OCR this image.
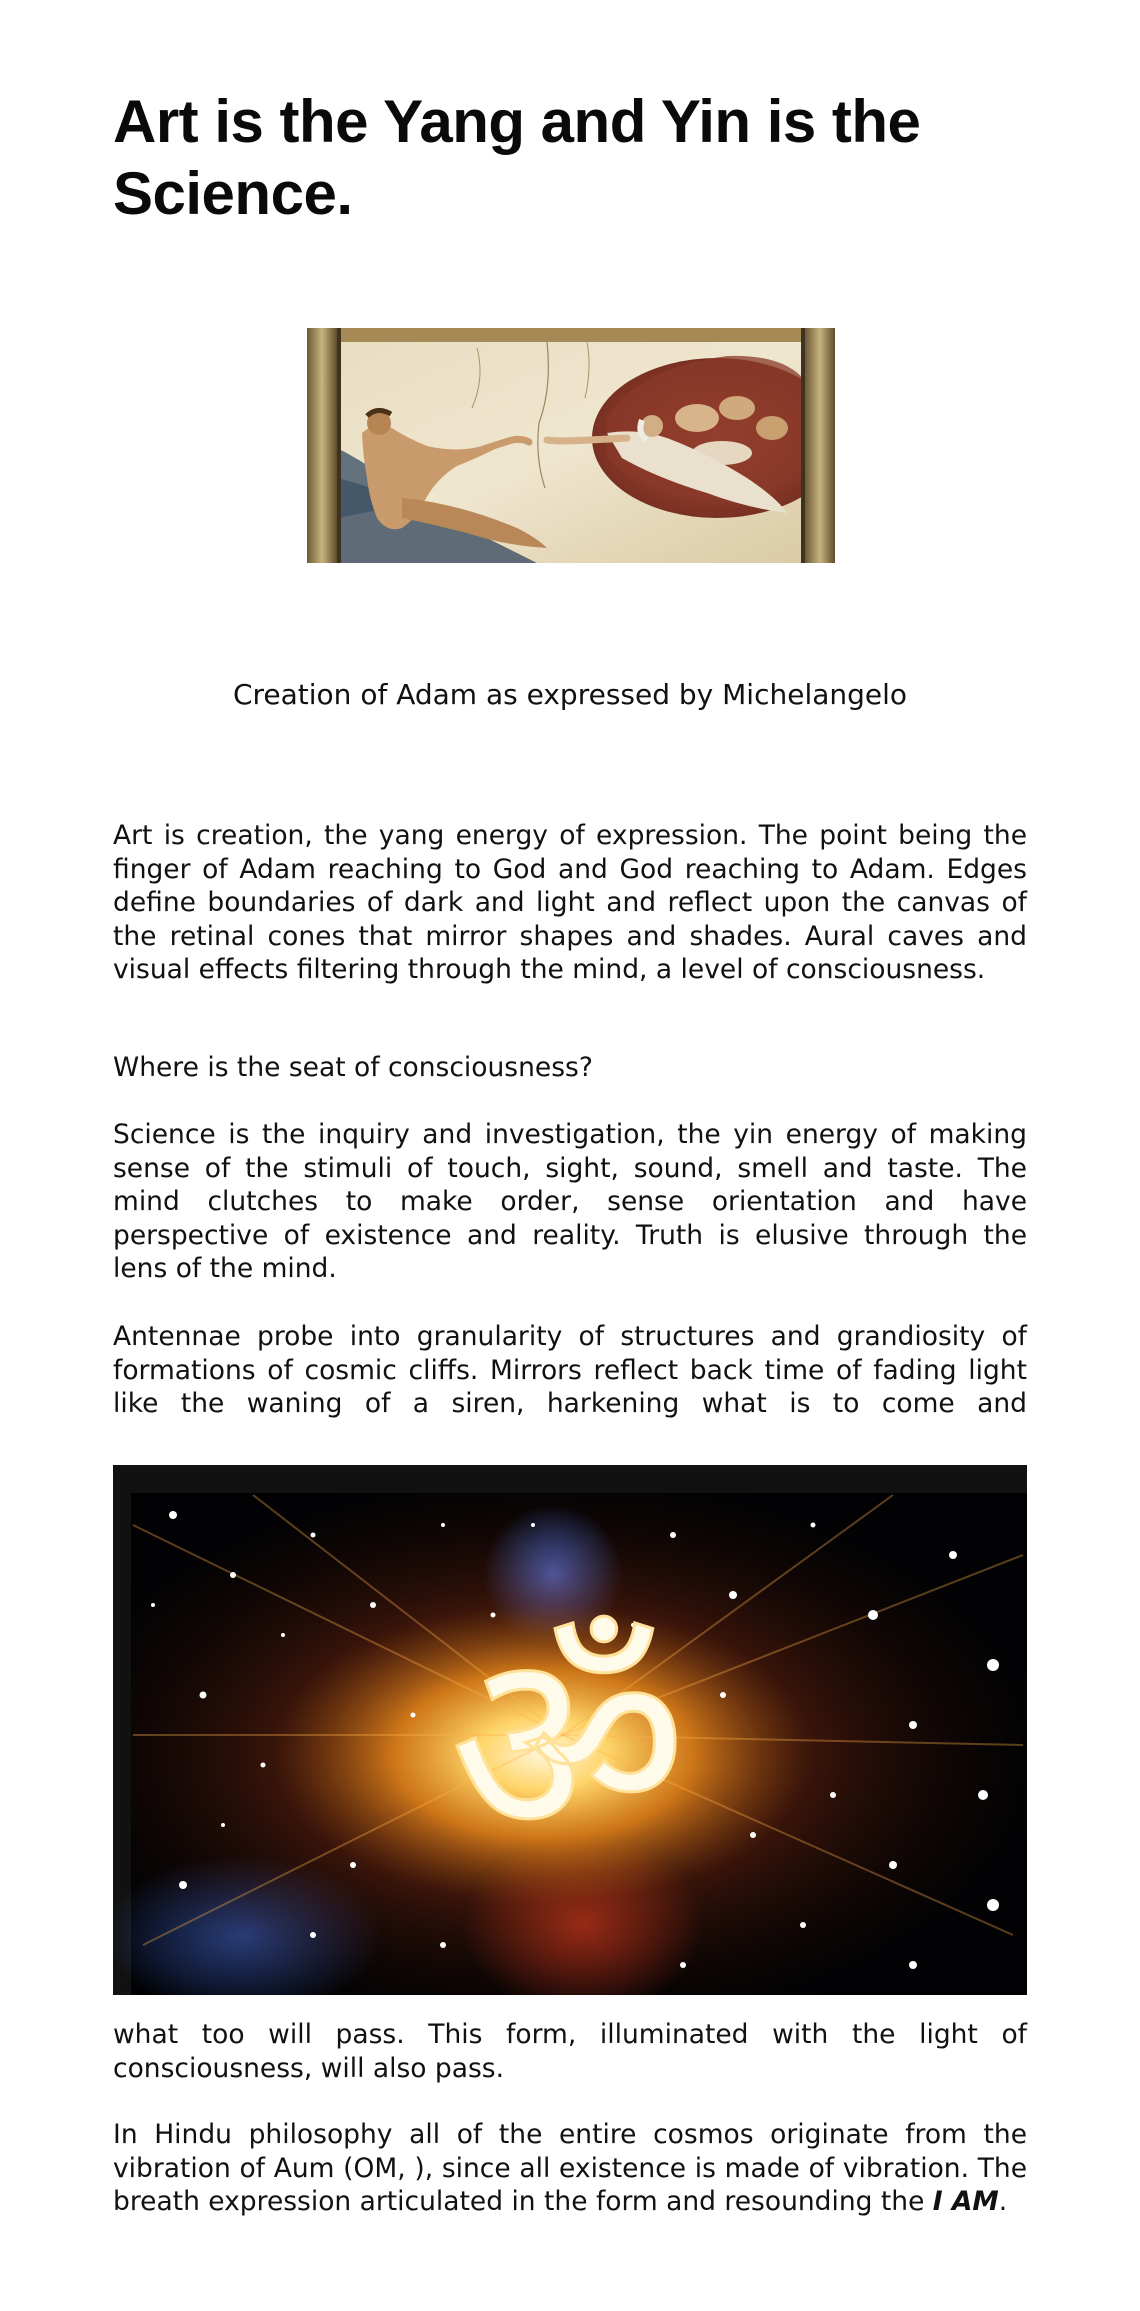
Art is the Yang and Yin is the Science.

Creation of Adam as expressed by Michelangelo

Art is creation, the yang energy of expression. The point being the finger of Adam reaching to God and God reaching to Adam. Edges define boundaries of dark and light and reflect upon the canvas of the retinal cones that mirror shapes and shades. Aural caves and visual effects filtering through the mind, a level of consciousness.

Where is the seat of consciousness?

Science is the inquiry and investigation, the yin energy of making sense of the stimuli of touch, sight, sound, smell and taste. The mind clutches to make order, sense orientation and have perspective of existence and reality. Truth is elusive through the lens of the mind.

Antennae probe into granularity of structures and grandiosity of formations of cosmic cliffs. Mirrors reflect back time of fading light like the waning of a siren, harkening what is to come and

ॐ

what too will pass. This form, illuminated with the light of consciousness, will also pass.

In Hindu philosophy all of the entire cosmos originate from the vibration of Aum (OM, ), since all existence is made of vibration. The breath expression articulated in the form and resounding the I AM.
